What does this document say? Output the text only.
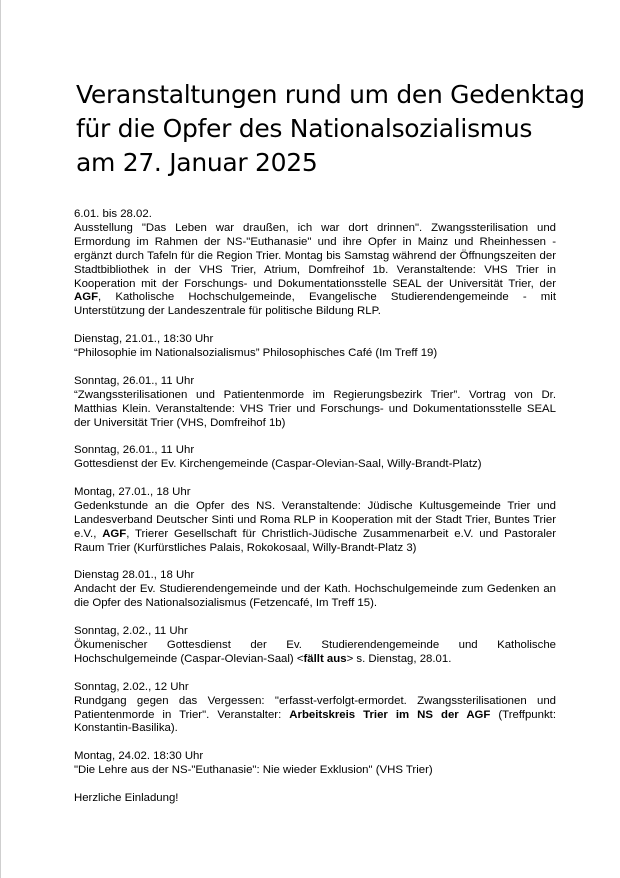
Veranstaltungen rund um den Gedenktag
für die Opfer des Nationalsozialismus
am 27. Januar 2025
6.01. bis 28.02.
Ausstellung "Das Leben war draußen, ich war dort drinnen". Zwangssterilisation und Ermordung im Rahmen der NS-"Euthanasie" und ihre Opfer in Mainz und Rheinhessen - ergänzt durch Tafeln für die Region Trier. Montag bis Samstag während der Öffnungszeiten der Stadtbibliothek in der VHS Trier, Atrium, Domfreihof 1b. Veranstaltende: VHS Trier in Kooperation mit der Forschungs- und Dokumentationsstelle SEAL der Universität Trier, der AGF, Katholische Hochschulgemeinde, Evangelische Studierendengemeinde - mit Unterstützung der Landeszentrale für politische Bildung RLP.
Dienstag, 21.01., 18:30 Uhr
“Philosophie im Nationalsozialismus” Philosophisches Café (Im Treff 19)
Sonntag, 26.01., 11 Uhr
“Zwangssterilisationen und Patientenmorde im Regierungsbezirk Trier”. Vortrag von Dr. Matthias Klein. Veranstaltende: VHS Trier und Forschungs- und Dokumentationsstelle SEAL der Universität Trier (VHS, Domfreihof 1b)
Sonntag, 26.01., 11 Uhr
Gottesdienst der Ev. Kirchengemeinde (Caspar-Olevian-Saal, Willy-Brandt-Platz)
Montag, 27.01., 18 Uhr
Gedenkstunde an die Opfer des NS. Veranstaltende: Jüdische Kultusgemeinde Trier und Landesverband Deutscher Sinti und Roma RLP in Kooperation mit der Stadt Trier, Buntes Trier e.V., AGF, Trierer Gesellschaft für Christlich-Jüdische Zusammenarbeit e.V. und Pastoraler Raum Trier (Kurfürstliches Palais, Rokokosaal, Willy-Brandt-Platz 3)
Dienstag 28.01., 18 Uhr
Andacht der Ev. Studierendengemeinde und der Kath. Hochschulgemeinde zum Gedenken an die Opfer des Nationalsozialismus (Fetzencafé, Im Treff 15).
Sonntag, 2.02., 11 Uhr
Ökumenischer Gottesdienst der Ev. Studierendengemeinde und Katholische Hochschulgemeinde (Caspar-Olevian-Saal) <fällt aus> s. Dienstag, 28.01.
Sonntag, 2.02., 12 Uhr
Rundgang gegen das Vergessen: "erfasst-verfolgt-ermordet. Zwangssterilisationen und Patientenmorde in Trier". Veranstalter: Arbeitskreis Trier im NS der AGF (Treffpunkt: Konstantin-Basilika).
Montag, 24.02. 18:30 Uhr
"Die Lehre aus der NS-"Euthanasie": Nie wieder Exklusion" (VHS Trier)
Herzliche Einladung!
